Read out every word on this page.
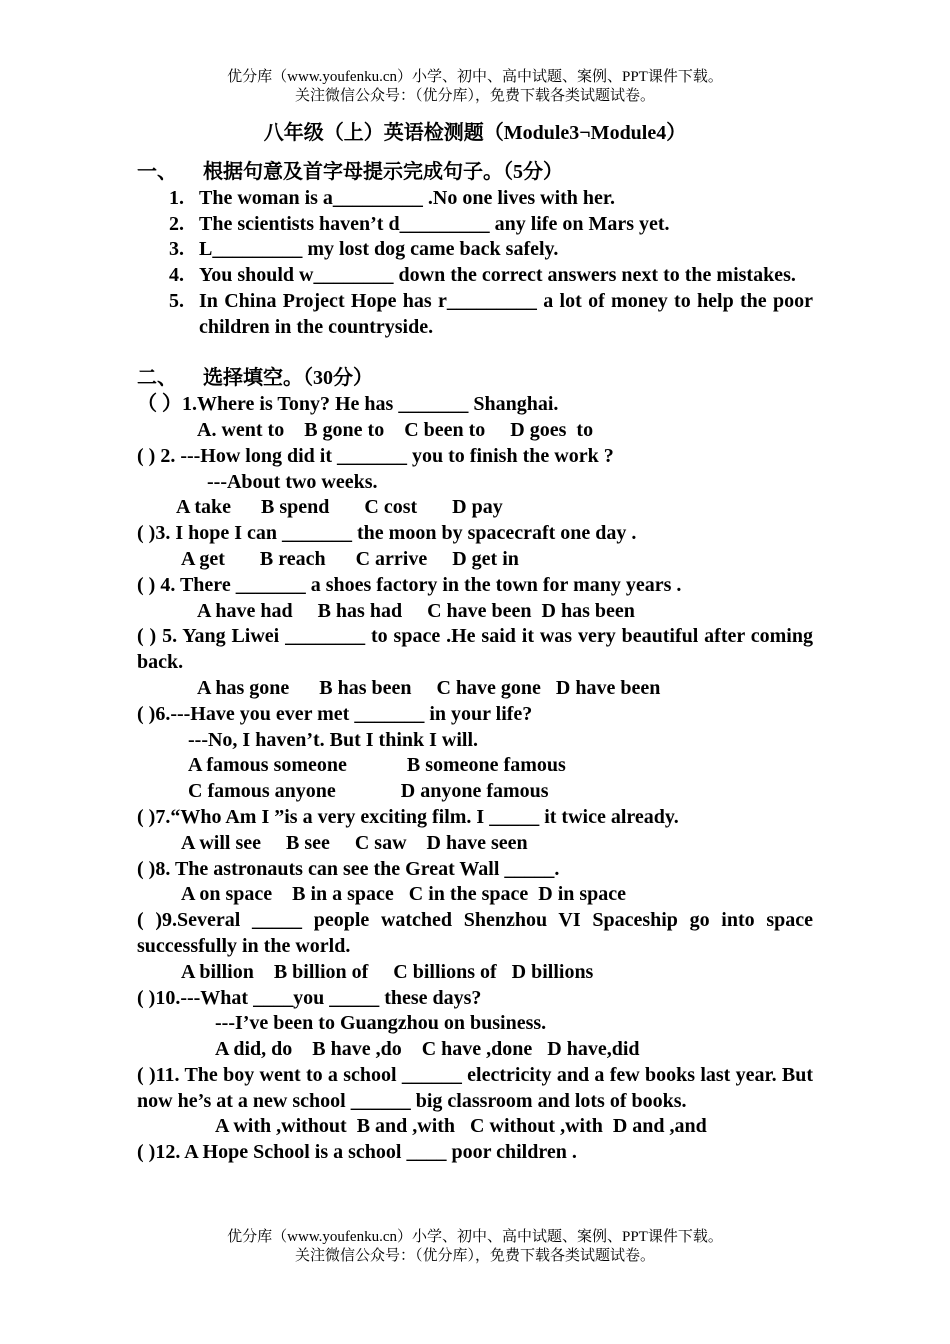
优分库（www.youfenku.cn）小学、初中、高中试题、案例、PPT课件下载。
关注微信公众号：（优分库），免费下载各类试题试卷。
八年级（上）英语检测题（Module3¬Module4）
一、	根据句意及首字母提示完成句子。（5分）
1. The woman is a_________ .No one lives with her.
2. The scientists haven’t d_________ any life on Mars yet.
3. L_________ my lost dog came back safely.
4. You should w________ down the correct answers next to the mistakes.
5. In China Project Hope has r_________ a lot of money to help the poor children in the countryside.
二、	选择填空。（30分）
（ ）1.Where is Tony? He has _______ Shanghai.
A. went to    B gone to    C been to     D goes  to
( ) 2. ---How long did it _______ you to finish the work ?
---About two weeks.
A take      B spend       C cost       D pay
( )3. I hope I can _______ the moon by spacecraft one day .
A get       B reach      C arrive     D get in
( ) 4. There _______ a shoes factory in the town for many years .
A have had     B has had     C have been  D has been
( ) 5. Yang Liwei ________ to space .He said it was very beautiful after coming back.
A has gone      B has been     C have gone   D have been
( )6.---Have you ever met _______ in your life?
---No, I haven’t. But I think I will.
A famous someone            B someone famous
C famous anyone             D anyone famous
( )7.“Who Am I ”is a very exciting film. I _____ it twice already.
A will see     B see     C saw    D have seen
( )8. The astronauts can see the Great Wall _____.
A on space    B in a space   C in the space  D in space
( )9.Several _____ people watched Shenzhou VI Spaceship go into space successfully in the world.
A billion    B billion of     C billions of   D billions
( )10.---What ____you _____ these days?
---I’ve been to Guangzhou on business.
A did, do    B have ,do    C have ,done   D have,did
( )11. The boy went to a school ______ electricity and a few books last year. But now he’s at a new school ______ big classroom and lots of books.
A with ,without  B and ,with   C without ,with  D and ,and
( )12. A Hope School is a school ____ poor children .
优分库（www.youfenku.cn）小学、初中、高中试题、案例、PPT课件下载。
关注微信公众号：（优分库），免费下载各类试题试卷。
